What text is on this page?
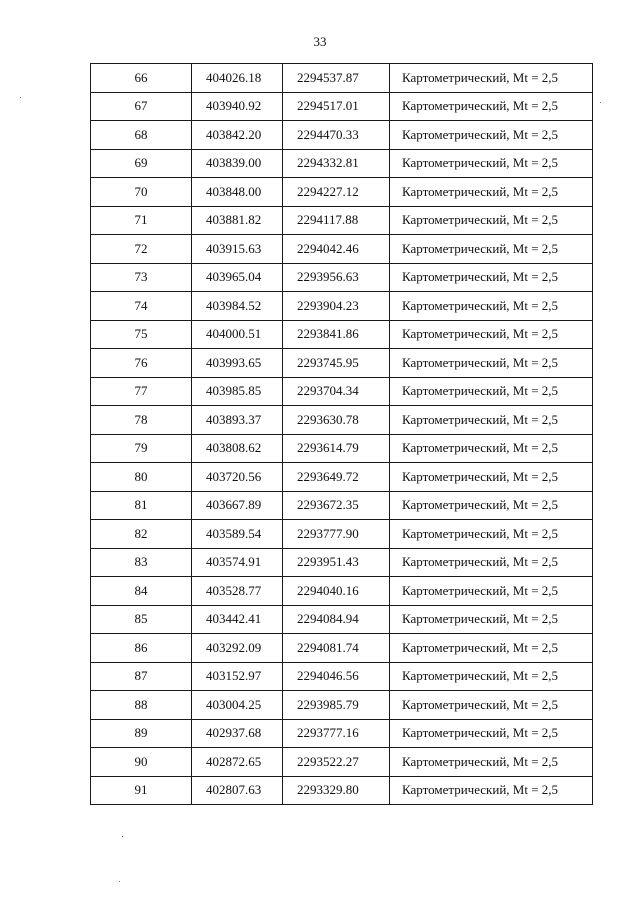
33
66	404026.18	2294537.87	Картометрический, Mt = 2,5
67	403940.92	2294517.01	Картометрический, Mt = 2,5
68	403842.20	2294470.33	Картометрический, Mt = 2,5
69	403839.00	2294332.81	Картометрический, Mt = 2,5
70	403848.00	2294227.12	Картометрический, Mt = 2,5
71	403881.82	2294117.88	Картометрический, Mt = 2,5
72	403915.63	2294042.46	Картометрический, Mt = 2,5
73	403965.04	2293956.63	Картометрический, Mt = 2,5
74	403984.52	2293904.23	Картометрический, Mt = 2,5
75	404000.51	2293841.86	Картометрический, Mt = 2,5
76	403993.65	2293745.95	Картометрический, Mt = 2,5
77	403985.85	2293704.34	Картометрический, Mt = 2,5
78	403893.37	2293630.78	Картометрический, Mt = 2,5
79	403808.62	2293614.79	Картометрический, Mt = 2,5
80	403720.56	2293649.72	Картометрический, Mt = 2,5
81	403667.89	2293672.35	Картометрический, Mt = 2,5
82	403589.54	2293777.90	Картометрический, Mt = 2,5
83	403574.91	2293951.43	Картометрический, Mt = 2,5
84	403528.77	2294040.16	Картометрический, Mt = 2,5
85	403442.41	2294084.94	Картометрический, Mt = 2,5
86	403292.09	2294081.74	Картометрический, Mt = 2,5
87	403152.97	2294046.56	Картометрический, Mt = 2,5
88	403004.25	2293985.79	Картометрический, Mt = 2,5
89	402937.68	2293777.16	Картометрический, Mt = 2,5
90	402872.65	2293522.27	Картометрический, Mt = 2,5
91	402807.63	2293329.80	Картометрический, Mt = 2,5
